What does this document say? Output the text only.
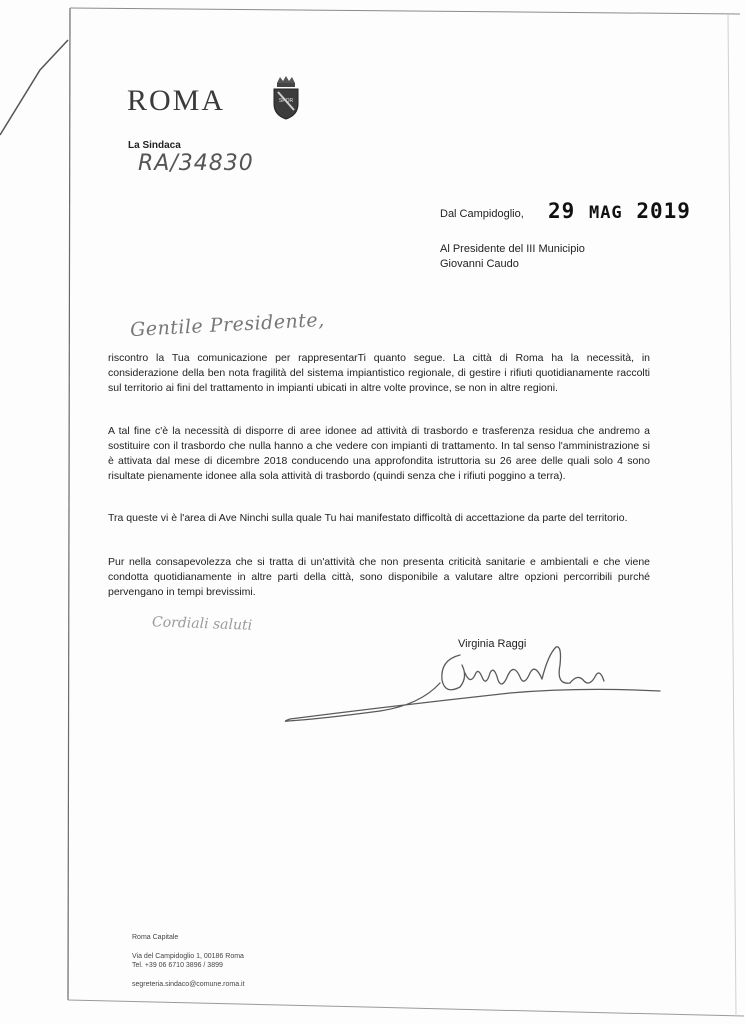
ROMA	SPQR
La Sindaca
RA/34830
Dal Campidoglio, 29 MAG 2019
Al Presidente del III Municipio
Giovanni Caudo
Gentile Presidente,
riscontro la Tua comunicazione per rappresentarTi quanto segue. La città di Roma ha la necessità, in considerazione della ben nota fragilità del sistema impiantistico regionale, di gestire i rifiuti quotidianamente raccolti sul territorio ai fini del trattamento in impianti ubicati in altre volte province, se non in altre regioni.
A tal fine c'è la necessità di disporre di aree idonee ad attività di trasbordo e trasferenza residua che andremo a sostituire con il trasbordo che nulla hanno a che vedere con impianti di trattamento. In tal senso l'amministrazione si è attivata dal mese di dicembre 2018 conducendo una approfondita istruttoria su 26 aree delle quali solo 4 sono risultate pienamente idonee alla sola attività di trasbordo (quindi senza che i rifiuti poggino a terra).
Tra queste vi è l'area di Ave Ninchi sulla quale Tu hai manifestato difficoltà di accettazione da parte del territorio.
Pur nella consapevolezza che si tratta di un'attività che non presenta criticità sanitarie e ambientali e che viene condotta quotidianamente in altre parti della città, sono disponibile a valutare altre opzioni percorribili purché pervengano in tempi brevissimi.
Cordiali saluti
Virginia Raggi
Roma Capitale
Via del Campidoglio 1, 00186 Roma
Tel. +39 06 6710 3896 / 3899
segreteria.sindaco@comune.roma.it
